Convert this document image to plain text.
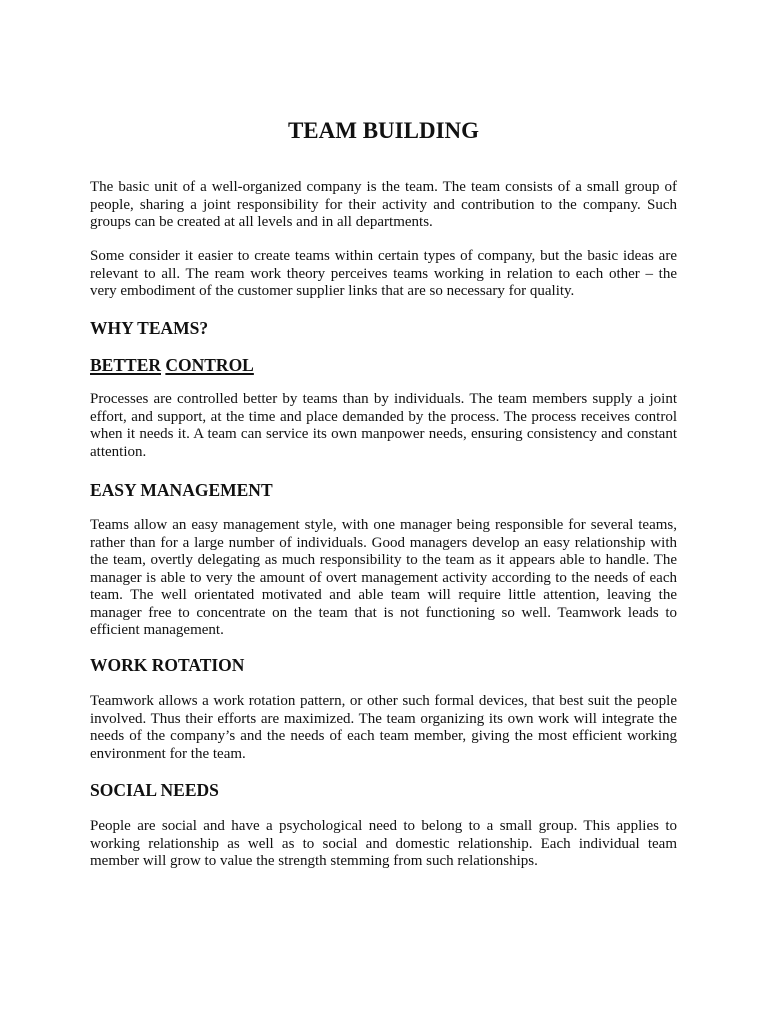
TEAM BUILDING
The basic unit of a well-organized company is the team. The team consists of a small group of
people, sharing a joint responsibility for their activity and contribution to the company. Such
groups can be created at all levels and in all departments.
Some consider it easier to create teams within certain types of company, but the basic ideas are
relevant to all. The ream work theory perceives teams working in relation to each other – the
very embodiment of the customer supplier links that are so necessary for quality.
WHY TEAMS?
BETTER CONTROL
Processes are controlled better by teams than by individuals. The team members supply a joint
effort, and support, at the time and place demanded by the process. The process receives control
when it needs it. A team can service its own manpower needs, ensuring consistency and constant
attention.
EASY MANAGEMENT
Teams allow an easy management style, with one manager being responsible for several teams,
rather than for a large number of individuals. Good managers develop an easy relationship with
the team, overtly delegating as much responsibility to the team as it appears able to handle. The
manager is able to very the amount of overt management activity according to the needs of each
team. The well orientated motivated and able team will require little attention, leaving the
manager free to concentrate on the team that is not functioning so well. Teamwork leads to
efficient management.
WORK ROTATION
Teamwork allows a work rotation pattern, or other such formal devices, that best suit the people
involved. Thus their efforts are maximized. The team organizing its own work will integrate the
needs of the company’s and the needs of each team member, giving the most efficient working
environment for the team.
SOCIAL NEEDS
People are social and have a psychological need to belong to a small group. This applies to
working relationship as well as to social and domestic relationship. Each individual team
member will grow to value the strength stemming from such relationships.
